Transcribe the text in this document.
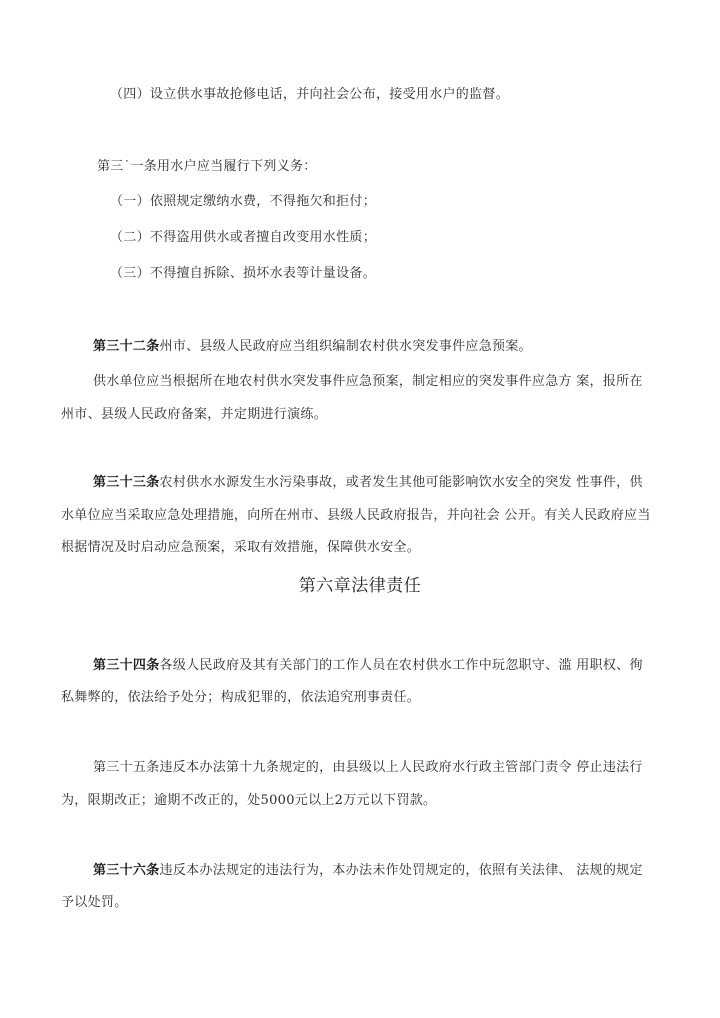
（四）设立供水事故抢修电话，并向社会公布，接受用水户的监督。
第三˙一条用水户应当履行下列义务：
（一）依照规定缴纳水费，不得拖欠和拒付；
（二）不得盗用供水或者擅自改变用水性质；
（三）不得擅自拆除、损坏水表等计量设备。
第三十二条州市、县级人民政府应当组织编制农村供水突发事件应急预案。
供水单位应当根据所在地农村供水突发事件应急预案，制定相应的突发事件应急方 案，报所在
州市、县级人民政府备案，并定期进行演练。
第三十三条农村供水水源发生水污染事故，或者发生其他可能影响饮水安全的突发 性事件，供
水单位应当采取应急处理措施，向所在州市、县级人民政府报告，并向社会 公开。有关人民政府应当
根据情况及时启动应急预案，采取有效措施，保障供水安全。
第六章法律责任
第三十四条各级人民政府及其有关部门的工作人员在农村供水工作中玩忽职守、滥 用职权、徇
私舞弊的，依法给予处分；构成犯罪的，依法追究刑事责任。
第三十五条违反本办法第十九条规定的，由县级以上人民政府水行政主管部门责令 停止违法行
为，限期改正；逾期不改正的，处5000元以上2万元以下罚款。
第三十六条违反本办法规定的违法行为，本办法未作处罚规定的，依照有关法律、 法规的规定
予以处罚。
